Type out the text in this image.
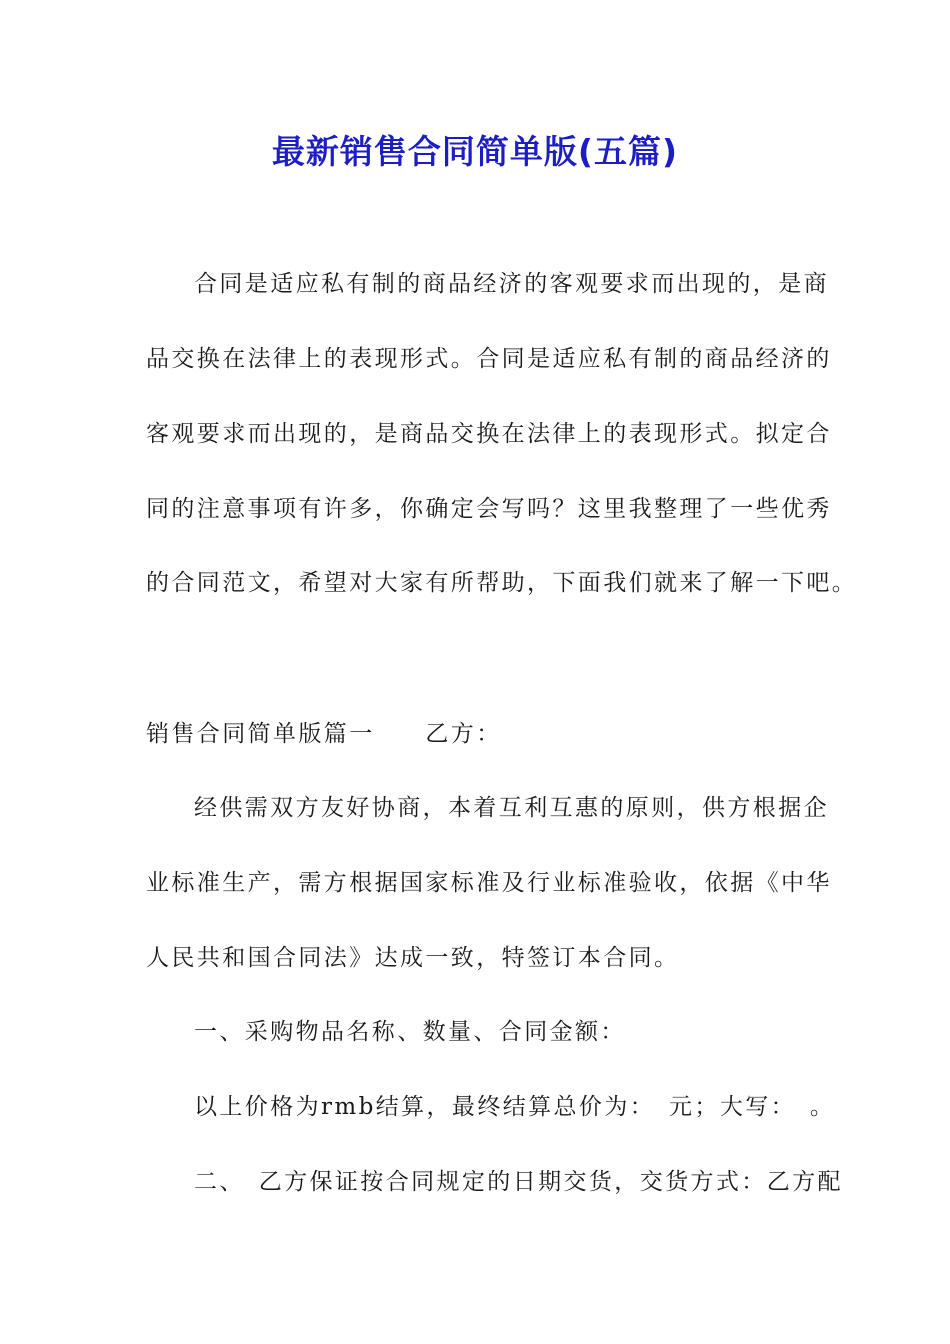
最新销售合同简单版(五篇)
合同是适应私有制的商品经济的客观要求而出现的，是商
品交换在法律上的表现形式。合同是适应私有制的商品经济的
客观要求而出现的，是商品交换在法律上的表现形式。拟定合
同的注意事项有许多，你确定会写吗？这里我整理了一些优秀
的合同范文，希望对大家有所帮助，下面我们就来了解一下吧。
销售合同简单版篇一　　乙方：
经供需双方友好协商，本着互利互惠的原则，供方根据企
业标准生产，需方根据国家标准及行业标准验收，依据《中华
人民共和国合同法》达成一致，特签订本合同。
一、采购物品名称、数量、合同金额：
以上价格为rmb结算，最终结算总价为：　元；大写：　。
二、　乙方保证按合同规定的日期交货，交货方式：乙方配
